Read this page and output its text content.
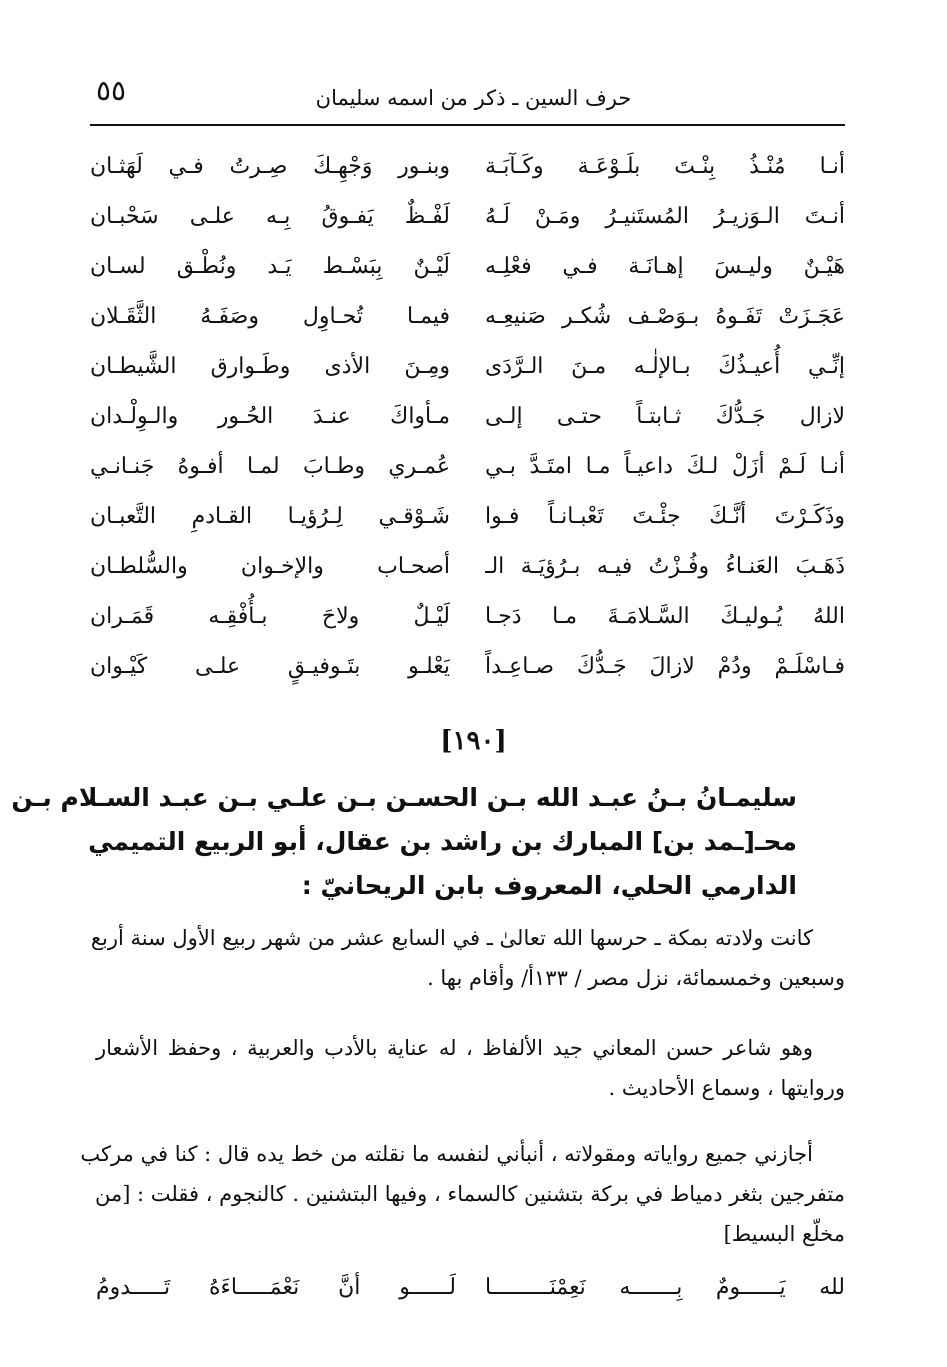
٥٥	حرف السين ـ ذكر من اسمه سليمان
أنـا مُنْـذُ بِنْـتَ بلَـوْعَـة وكَـآبَـة
وبنـور وَجْهِـكَ صِـرتُ فـي لَهَثـان
أنـتَ الـوَزيـرُ المُستَنيـرُ ومَـنْ لَـهُ
لَفْـظٌ يَفـوقُ بِـه علـى سَحْبـان
هَيْـنٌ وليـسَ إهـانَـة فـي فعْلِـه
لَيْـنٌ بِبَسْـط يَـد ونُطْـق لسـان
عَجَـزَتْ تَفَـوهُ بـوَصْـف شُكـر صَنيعِـه
فيمـا تُحـاوِل وصَفَـهُ الثَّقَـلان
إنِّـي أُعيـذُكَ بـالإلٰـه مـنَ الـرَّدَى
ومِـنَ الأذى وطَـوارق الشَّيطـان
لازال جَـدُّكَ ثـابتـاً حتـى إلـى
مـأواكَ عنـدَ الحُـور والـوِلْـدان
أنـا لَـمْ أزَلْ لـكَ داعيـاً مـا امتَـدَّ بـي
عُمـري وطـابَ لمـا أفـوهُ جَنـانـي
وذَكَـرْتَ أنَّـكَ جئْـتَ تَعْبـانـاً فـوا
شَـوْقـي لِـرُؤيـا القـادمِ التَّعبـان
ذَهَـبَ العَنـاءُ وفُـزْتُ فيـه بـرُؤيَـة الـ
أصحـاب والإخـوان والسُّلطـان
اللهُ يُـوليـكَ السَّـلامَـةَ مـا دَجـا
لَيْـلٌ ولاحَ بـأُفْقِـه قَمَـران
فـاسْلَـمْ ودُمْ لازالَ جَـدُّكَ صـاعِـداً
يَعْلـو بتَـوفيـقٍ علـى كَيْـوان
[١٩٠]
سليمـانُ بـنُ عبـد الله بـن الحسـن بـن علـي بـن عبـد السـلام بـن
محـ[ـمد بن] المبارك بن راشد بن عقال، أبو الربيع التميمي
الدارمي الحلي، المعروف بابن الريحانيّ :
كانت ولادته بمكة ـ حرسها الله تعالىٰ ـ في السابع عشر من شهر ربيع الأول سنة أربع
وسبعين وخمسمائة، نزل مصر / ١٣٣أ/ وأقام بها .
وهو شاعر حسن المعاني جيد الألفاظ ، له عناية بالأدب والعربية ، وحفظ الأشعار
وروايتها ، وسماع الأحاديث .
أجازني جميع رواياته ومقولاته ، أنبأني لنفسه ما نقلته من خط يده قال : كنا في مركب
متفرجين بثغر دمياط في بركة بتشنين كالسماء ، وفيها البتشنين . كالنجوم ، فقلت : [من
مخلّع البسيط]
لله يَــــــومٌ بِـــــــه نَعِمْنَـــــــــا
لَــــــو أنَّ نَعْمَـــــاءَهُ تَـــــدومُ
